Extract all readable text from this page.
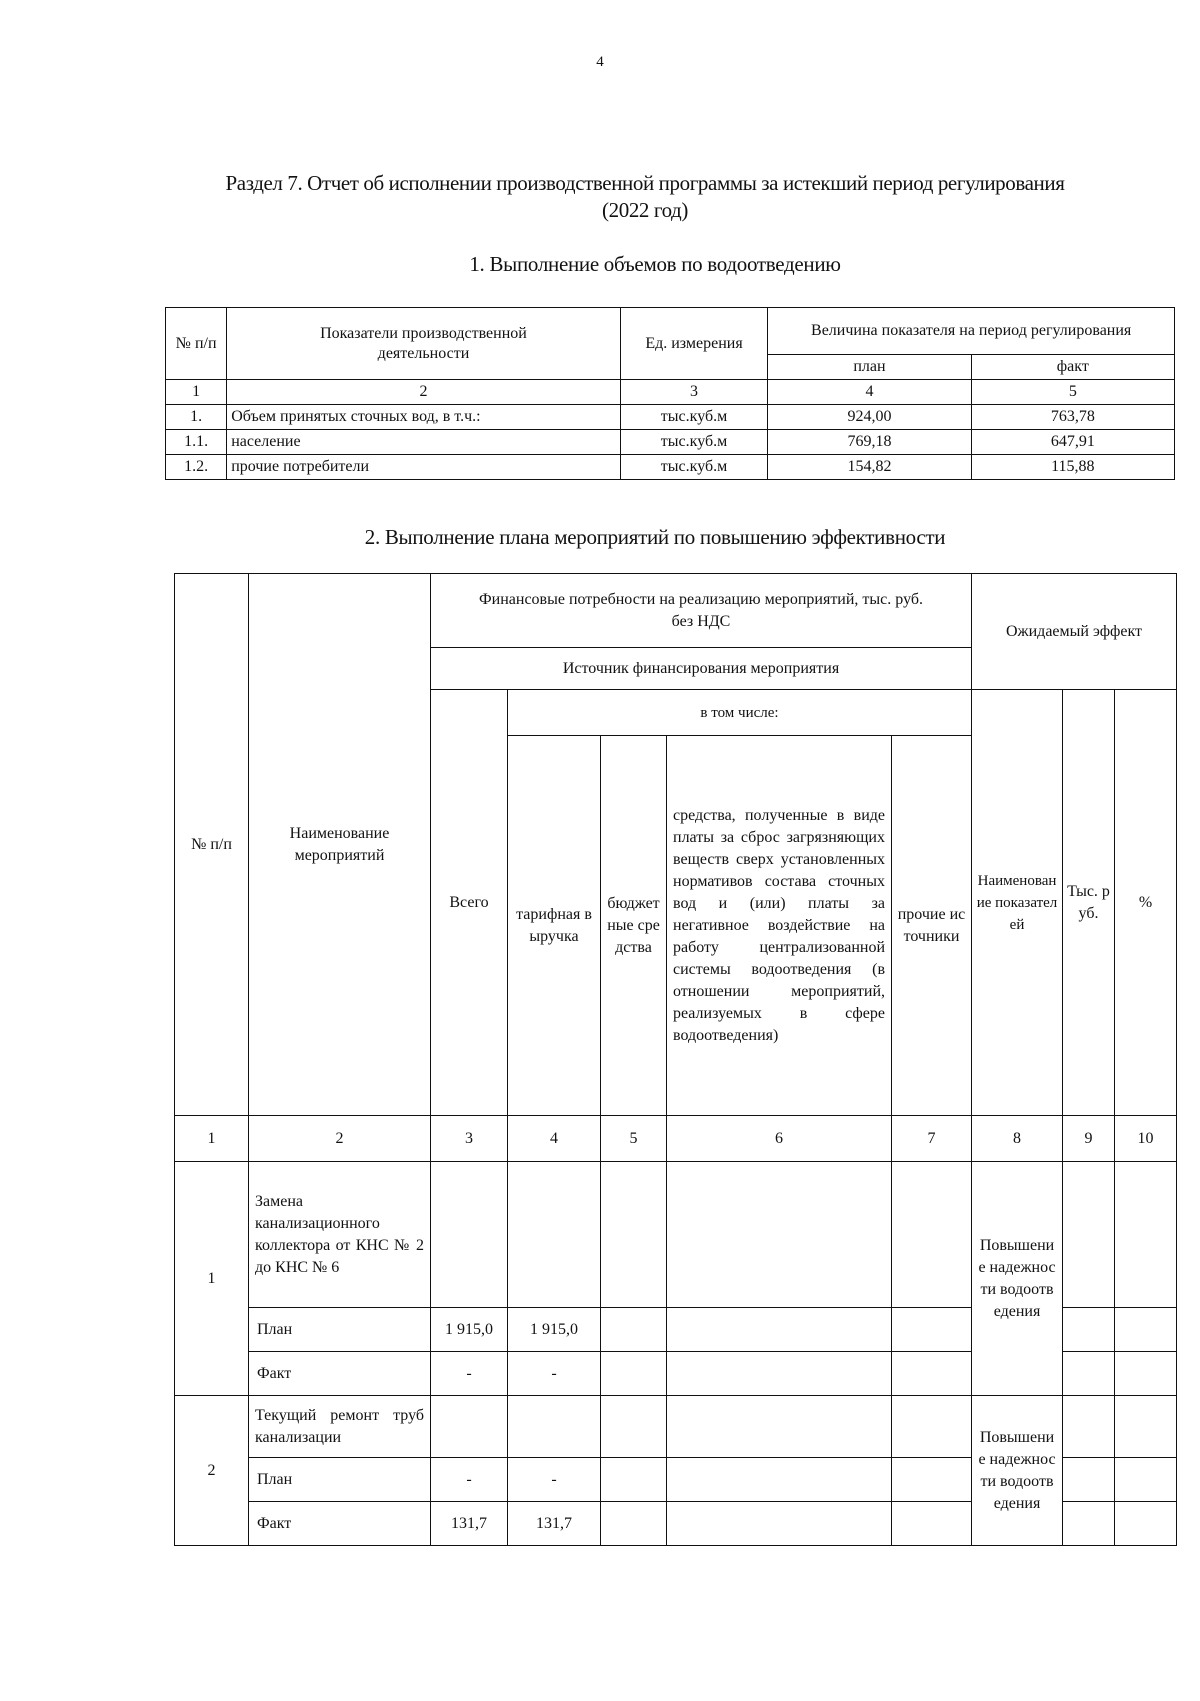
4
Раздел 7. Отчет об исполнении производственной программы за истекший период регулирования
(2022 год)
1. Выполнение объемов по водоотведению
№ п/п	Показатели производственной деятельности	Ед. измерения	Величина показателя на период регулирования	
			план	факт
1	2	3	4	5
1.	Объем принятых сточных вод, в т.ч.:	тыс.куб.м	924,00	763,78
1.1.	население	тыс.куб.м	769,18	647,91
1.2.	прочие потребители	тыс.куб.м	154,82	115,88
2. Выполнение плана мероприятий по повышению эффективности
№ п/п	Наименование мероприятий	Финансовые потребности на реализацию мероприятий, тыс. руб. без НДС					Ожидаемый эффект		
		Источник финансирования мероприятия							
		Всего	в том числе:				Наименование показателей	Тыс. руб.	%
			тарифная выручка	бюджетные средства	средства, полученные в виде платы за сброс загрязняющих веществ сверх установленных нормативов состава сточных вод и (или) платы за негативное воздействие на работу централизованной системы водоотведения (в отношении мероприятий, реализуемых в сфере водоотведения)	прочие источники			
1	2	3	4	5	6	7	8	9	10
1	Замена канализационного коллектора от КНС № 2 до КНС № 6						Повышение надежности водоотведения		
	План	1 915,0	1 915,0						
	Факт	-	-						
2	Текущий ремонт труб канализации						Повышение надежности водоотведения		
	План	-	-						
	Факт	131,7	131,7						
